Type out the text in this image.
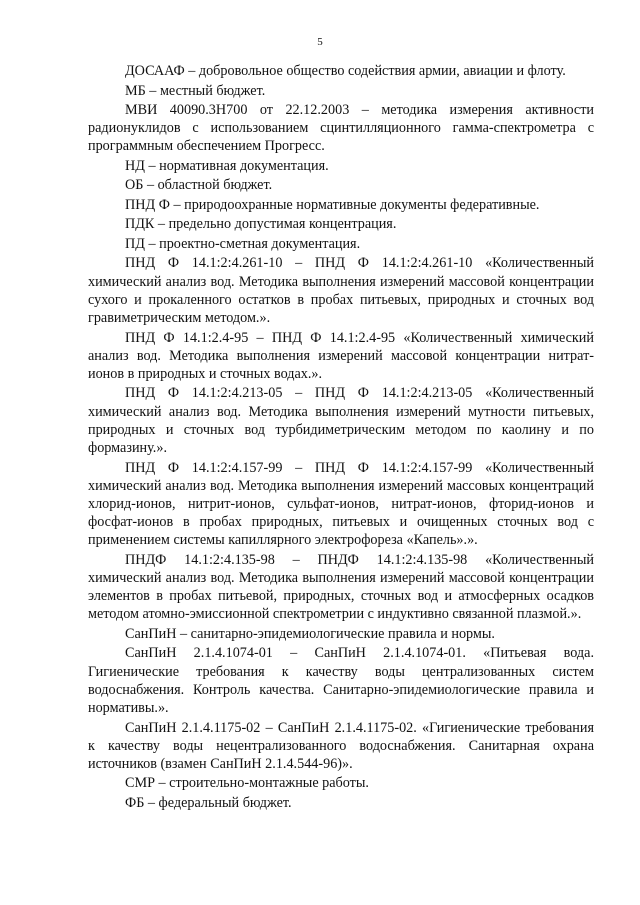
5

ДОСААФ – добровольное общество содействия армии, авиации и флоту.

МБ – местный бюджет.

МВИ 40090.3Н700 от 22.12.2003 – методика измерения активности радионуклидов с использованием сцинтилляционного гамма-спектрометра с программным обеспечением Прогресс.

НД – нормативная документация.

ОБ – областной бюджет.

ПНД Ф – природоохранные нормативные документы федеративные.

ПДК – предельно допустимая концентрация.

ПД – проектно-сметная документация.

ПНД Ф 14.1:2:4.261-10 – ПНД Ф 14.1:2:4.261-10 «Количественный химический анализ вод. Методика выполнения измерений массовой концентрации сухого и прокаленного остатков в пробах питьевых, природных и сточных вод гравиметрическим методом.».

ПНД Ф 14.1:2.4-95 – ПНД Ф 14.1:2.4-95 «Количественный химический анализ вод. Методика выполнения измерений массовой концентрации нитрат-ионов в природных и сточных водах.».

ПНД Ф 14.1:2:4.213-05 – ПНД Ф 14.1:2:4.213-05 «Количественный химический анализ вод. Методика выполнения измерений мутности питьевых, природных и сточных вод турбидиметрическим методом по каолину и по формазину.».

ПНД Ф 14.1:2:4.157-99 – ПНД Ф 14.1:2:4.157-99 «Количественный химический анализ вод. Методика выполнения измерений массовых концентраций хлорид-ионов, нитрит-ионов, сульфат-ионов, нитрат-ионов, фторид-ионов и фосфат-ионов в пробах природных, питьевых и очищенных сточных вод с применением системы капиллярного электрофореза «Капель».».

ПНДФ 14.1:2:4.135-98 – ПНДФ 14.1:2:4.135-98 «Количественный химический анализ вод. Методика выполнения измерений массовой концентрации элементов в пробах питьевой, природных, сточных вод и атмосферных осадков методом атомно-эмиссионной спектрометрии с индуктивно связанной плазмой.».

СанПиН – санитарно-эпидемиологические правила и нормы.

СанПиН 2.1.4.1074-01 – СанПиН 2.1.4.1074-01. «Питьевая вода. Гигиенические требования к качеству воды централизованных систем водоснабжения. Контроль качества. Санитарно-эпидемиологические правила и нормативы.».

СанПиН 2.1.4.1175-02 – СанПиН 2.1.4.1175-02. «Гигиенические требования к качеству воды нецентрализованного водоснабжения. Санитарная охрана источников (взамен СанПиН 2.1.4.544-96)».

СМР – строительно-монтажные работы.

ФБ – федеральный бюджет.
